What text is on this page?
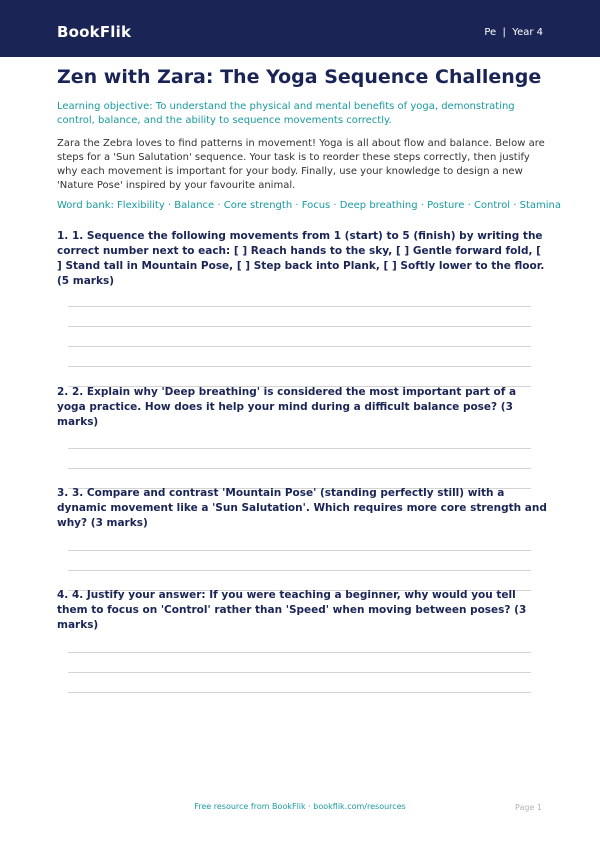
BookFlik	Pe  |  Year 4
Zen with Zara: The Yoga Sequence Challenge

Learning objective: To understand the physical and mental benefits of yoga, demonstrating control, balance, and the ability to sequence movements correctly.

Zara the Zebra loves to find patterns in movement! Yoga is all about flow and balance. Below are steps for a 'Sun Salutation' sequence. Your task is to reorder these steps correctly, then justify why each movement is important for your body. Finally, use your knowledge to design a new 'Nature Pose' inspired by your favourite animal.

Word bank: Flexibility · Balance · Core strength · Focus · Deep breathing · Posture · Control · Stamina

1. 1. Sequence the following movements from 1 (start) to 5 (finish) by writing the correct number next to each: [ ] Reach hands to the sky, [ ] Gentle forward fold, [ ] Stand tall in Mountain Pose, [ ] Step back into Plank, [ ] Softly lower to the floor. (5 marks)

2. 2. Explain why 'Deep breathing' is considered the most important part of a yoga practice. How does it help your mind during a difficult balance pose? (3 marks)

3. 3. Compare and contrast 'Mountain Pose' (standing perfectly still) with a dynamic movement like a 'Sun Salutation'. Which requires more core strength and why? (3 marks)

4. 4. Justify your answer: If you were teaching a beginner, why would you tell them to focus on 'Control' rather than 'Speed' when moving between poses? (3 marks)

Free resource from BookFlik · bookflik.com/resources	Page 1
